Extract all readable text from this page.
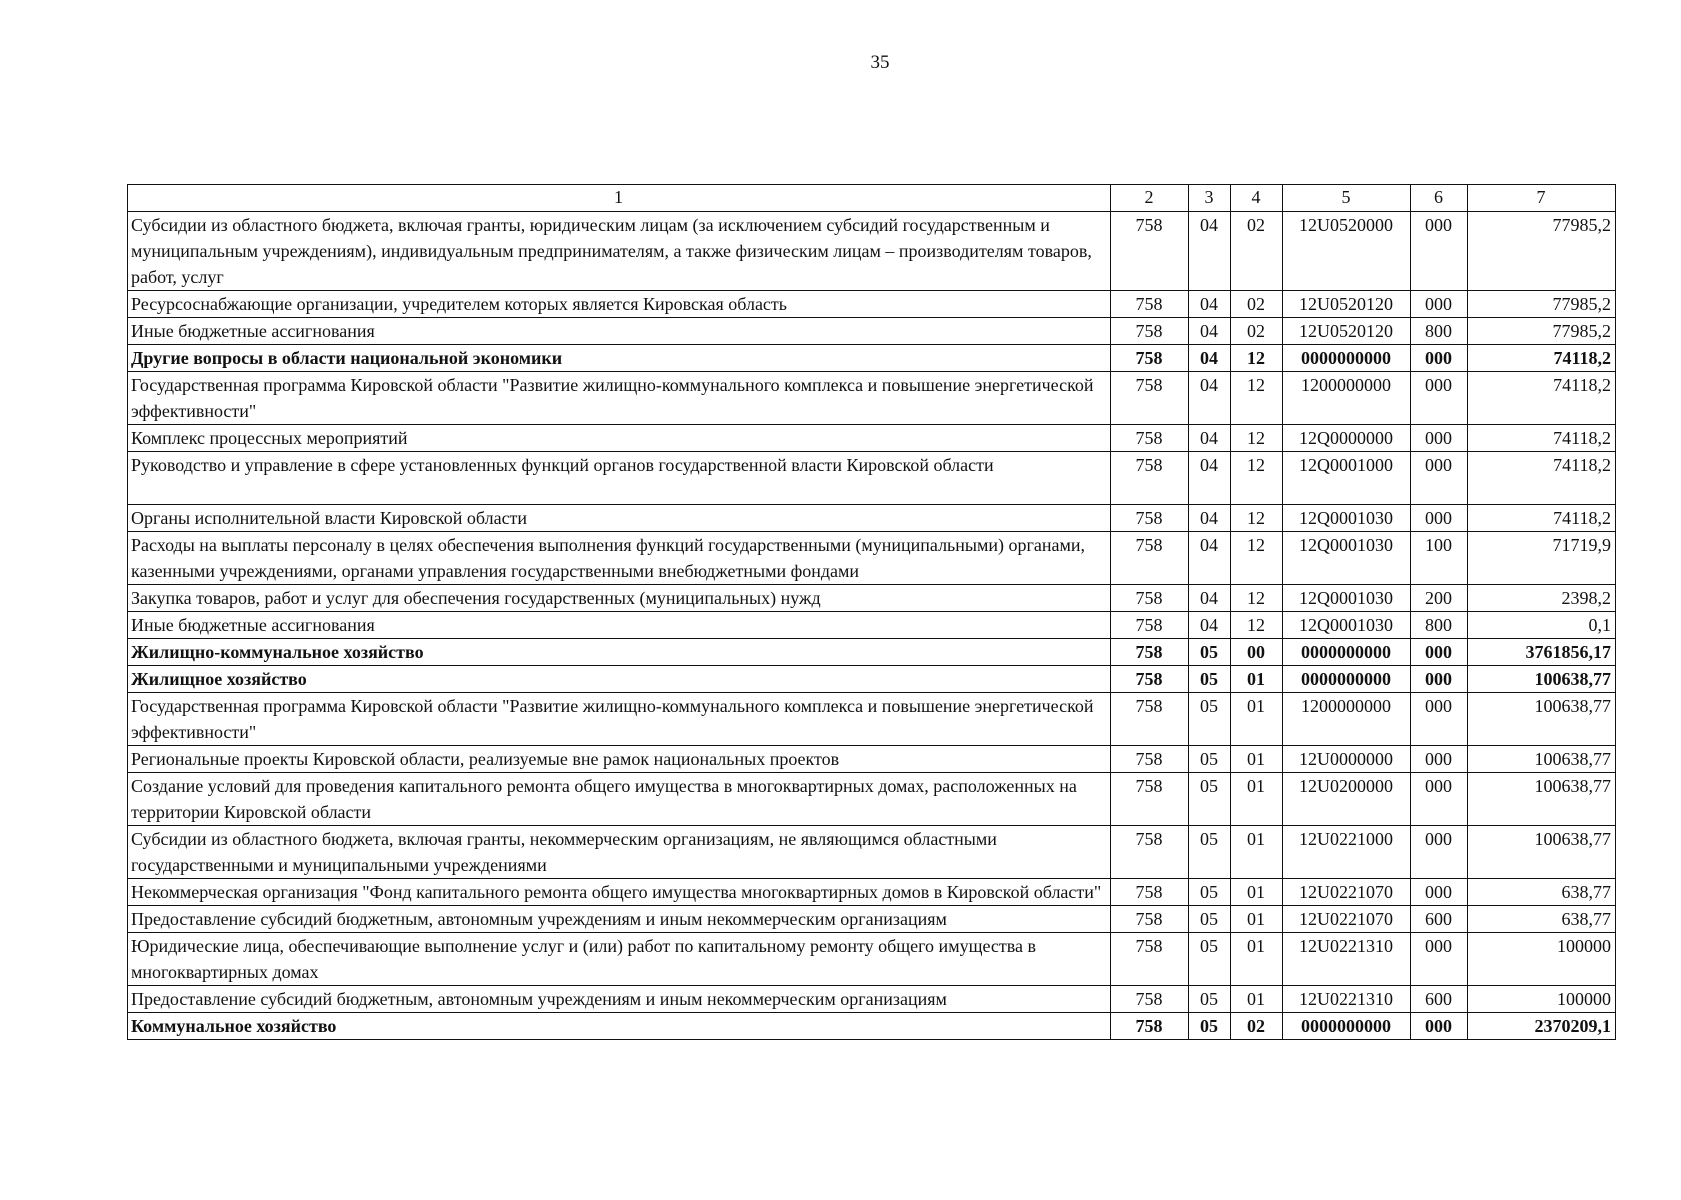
35
1	2	3	4	5	6	7
Субсидии из областного бюджета, включая гранты, юридическим лицам (за исключением субсидий государственным и муниципальным учреждениям), индивидуальным предпринимателям, а также физическим лицам – производителям товаров, работ, услуг	758	04	02	12U0520000	000	77985,2
Ресурсоснабжающие организации, учредителем которых является Кировская область	758	04	02	12U0520120	000	77985,2
Иные бюджетные ассигнования	758	04	02	12U0520120	800	77985,2
Другие вопросы в области национальной экономики	758	04	12	0000000000	000	74118,2
Государственная программа Кировской области "Развитие жилищно-коммунального комплекса и повышение энергетической эффективности"	758	04	12	1200000000	000	74118,2
Комплекс процессных мероприятий	758	04	12	12Q0000000	000	74118,2
Руководство и управление в сфере установленных функций органов государственной власти Кировской области	758	04	12	12Q0001000	000	74118,2
Органы исполнительной власти Кировской области	758	04	12	12Q0001030	000	74118,2
Расходы на выплаты персоналу в целях обеспечения выполнения функций государственными (муниципальными) органами, казенными учреждениями, органами управления государственными внебюджетными фондами	758	04	12	12Q0001030	100	71719,9
Закупка товаров, работ и услуг для обеспечения государственных (муниципальных) нужд	758	04	12	12Q0001030	200	2398,2
Иные бюджетные ассигнования	758	04	12	12Q0001030	800	0,1
Жилищно-коммунальное хозяйство	758	05	00	0000000000	000	3761856,17
Жилищное хозяйство	758	05	01	0000000000	000	100638,77
Государственная программа Кировской области "Развитие жилищно-коммунального комплекса и повышение энергетической эффективности"	758	05	01	1200000000	000	100638,77
Региональные проекты Кировской области, реализуемые вне рамок национальных проектов	758	05	01	12U0000000	000	100638,77
Создание условий для проведения капитального ремонта общего имущества в многоквартирных домах, расположенных на территории Кировской области	758	05	01	12U0200000	000	100638,77
Субсидии из областного бюджета, включая гранты, некоммерческим организациям, не являющимся областными государственными и муниципальными учреждениями	758	05	01	12U0221000	000	100638,77
Некоммерческая организация "Фонд капитального ремонта общего имущества многоквартирных домов в Кировской области"	758	05	01	12U0221070	000	638,77
Предоставление субсидий бюджетным, автономным учреждениям и иным некоммерческим организациям	758	05	01	12U0221070	600	638,77
Юридические лица, обеспечивающие выполнение услуг и (или) работ по капитальному ремонту общего имущества в многоквартирных домах	758	05	01	12U0221310	000	100000
Предоставление субсидий бюджетным, автономным учреждениям и иным некоммерческим организациям	758	05	01	12U0221310	600	100000
Коммунальное хозяйство	758	05	02	0000000000	000	2370209,1
